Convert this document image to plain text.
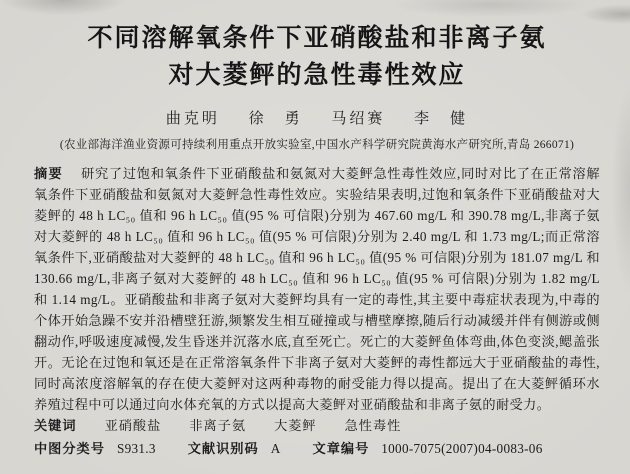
不同溶解氧条件下亚硝酸盐和非离子氨
对大菱鲆的急性毒性效应
曲克明 徐　勇 马绍赛 李　健
(农业部海洋渔业资源可持续利用重点开放实验室,中国水产科学研究院黄海水产研究所,青岛 266071)

摘要 研究了过饱和氧条件下亚硝酸盐和氨氮对大菱鲆急性毒性效应,同时对比了在正常溶解氧条件下亚硝酸盐和氨氮对大菱鲆急性毒性效应。实验结果表明,过饱和氧条件下亚硝酸盐对大菱鲆的 48 h LC₅₀ 值和 96 h LC₅₀ 值(95 % 可信限)分别为 467.60 mg/L 和 390.78 mg/L,非离子氨对大菱鲆的 48 h LC₅₀ 值和 96 h LC₅₀ 值(95 % 可信限)分别为 2.40 mg/L 和 1.73 mg/L;而正常溶氧条件下,亚硝酸盐对大菱鲆的 48 h LC₅₀ 值和 96 h LC₅₀ 值(95 % 可信限)分别为 181.07 mg/L 和 130.66 mg/L,非离子氨对大菱鲆的 48 h LC₅₀ 值和 96 h LC₅₀ 值(95 % 可信限)分别为 1.82 mg/L 和 1.14 mg/L。亚硝酸盐和非离子氨对大菱鲆均具有一定的毒性,其主要中毒症状表现为,中毒的个体开始急躁不安并沿槽壁狂游,频繁发生相互碰撞或与槽壁摩擦,随后行动减缓并伴有侧游或侧翻动作,呼吸速度减慢,发生昏迷并沉落水底,直至死亡。死亡的大菱鲆鱼体弯曲,体色变淡,鳃盖张开。无论在过饱和氧还是在正常溶氧条件下非离子氨对大菱鲆的毒性都远大于亚硝酸盐的毒性,同时高浓度溶解氧的存在使大菱鲆对这两种毒物的耐受能力得以提高。提出了在大菱鲆循环水养殖过程中可以通过向水体充氧的方式以提高大菱鲆对亚硝酸盐和非离子氨的耐受力。

关键词 亚硝酸盐 非离子氨 大菱鲆 急性毒性
中图分类号 S931.3 文献识别码 A 文章编号 1000-7075(2007)04-0083-06
